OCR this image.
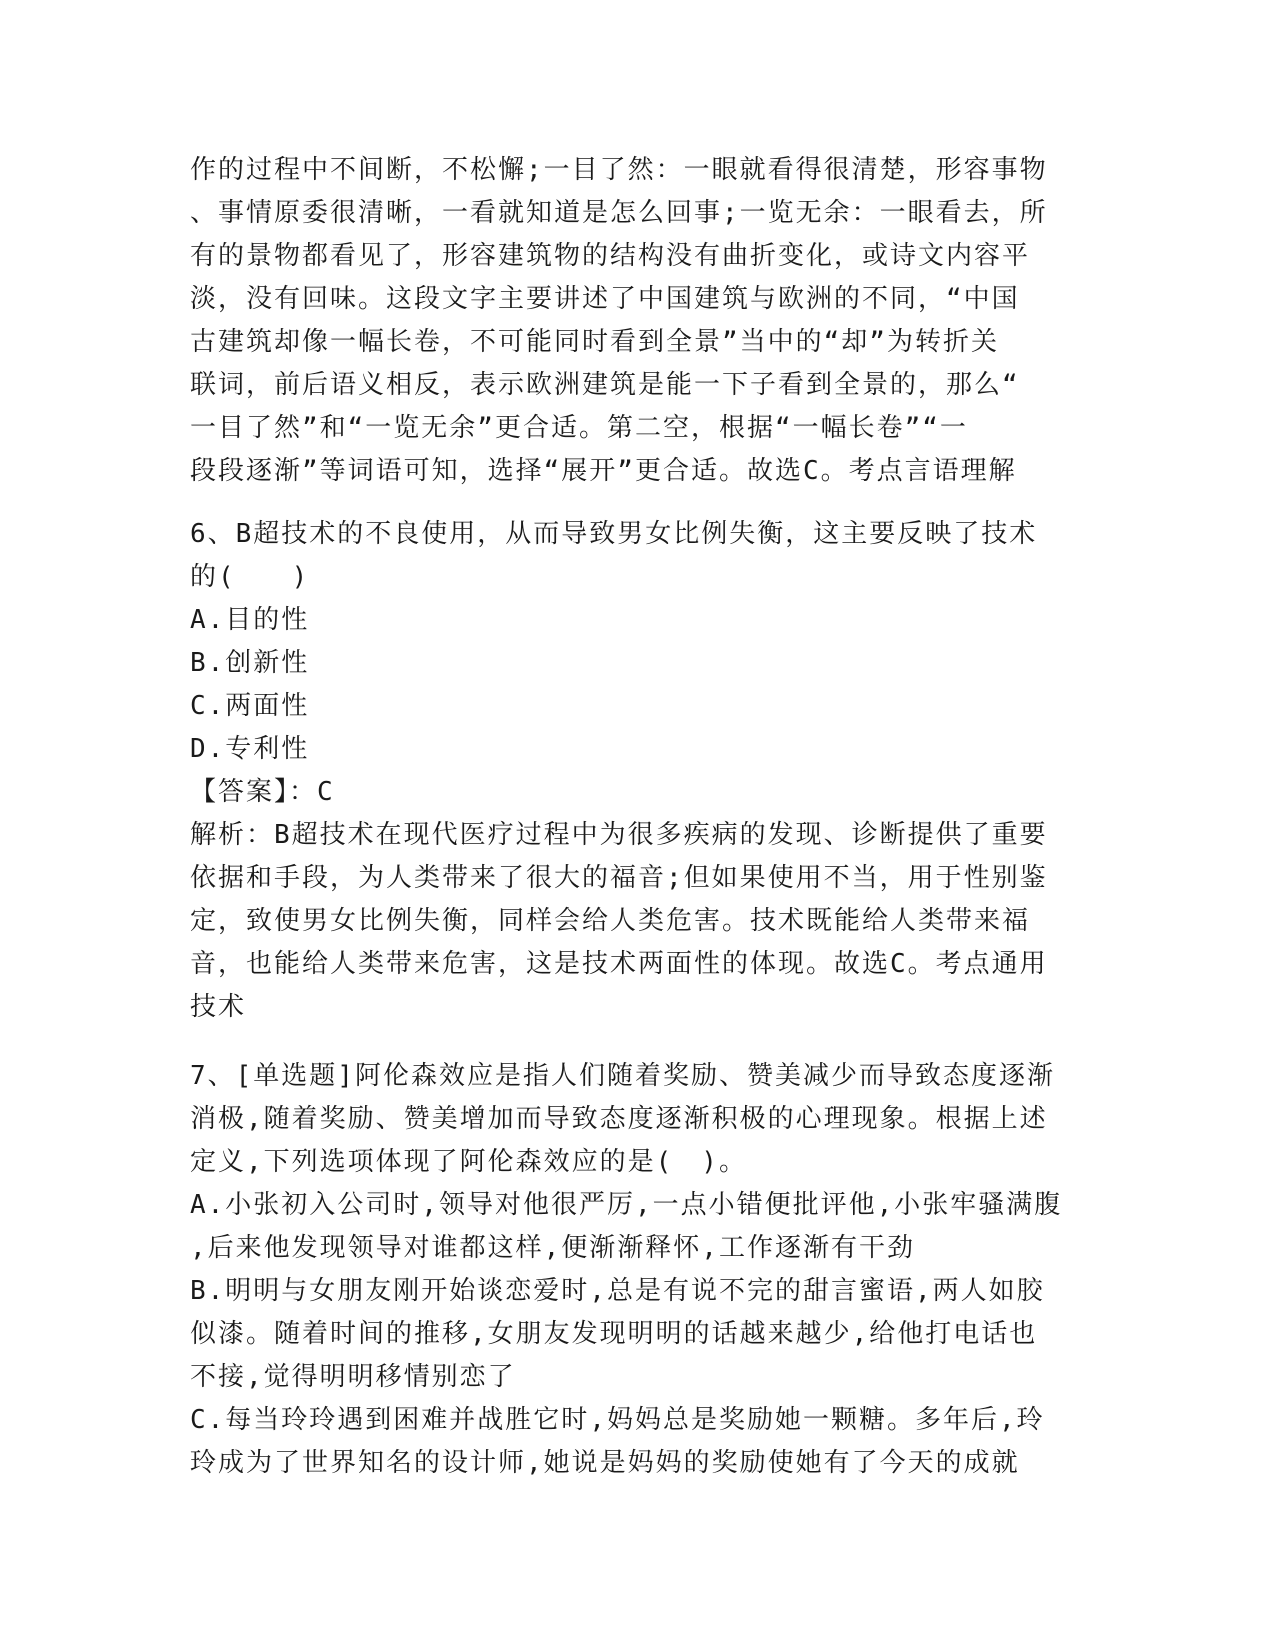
作的过程中不间断，不松懈;一目了然：一眼就看得很清楚，形容事物
、事情原委很清晰，一看就知道是怎么回事;一览无余：一眼看去，所
有的景物都看见了，形容建筑物的结构没有曲折变化，或诗文内容平
淡，没有回味。这段文字主要讲述了中国建筑与欧洲的不同，“中国
古建筑却像一幅长卷，不可能同时看到全景”当中的“却”为转折关
联词，前后语义相反，表示欧洲建筑是能一下子看到全景的，那么“
一目了然”和“一览无余”更合适。第二空，根据“一幅长卷”“一
段段逐渐”等词语可知，选择“展开”更合适。故选C。考点言语理解
6、B超技术的不良使用，从而导致男女比例失衡，这主要反映了技术
的(　　)
A.目的性
B.创新性
C.两面性
D.专利性
【答案】：C
解析：B超技术在现代医疗过程中为很多疾病的发现、诊断提供了重要
依据和手段，为人类带来了很大的福音;但如果使用不当，用于性别鉴
定，致使男女比例失衡，同样会给人类危害。技术既能给人类带来福
音，也能给人类带来危害，这是技术两面性的体现。故选C。考点通用
技术
7、[单选题]阿伦森效应是指人们随着奖励、赞美减少而导致态度逐渐
消极,随着奖励、赞美增加而导致态度逐渐积极的心理现象。根据上述
定义,下列选项体现了阿伦森效应的是(　)。
A.小张初入公司时,领导对他很严厉,一点小错便批评他,小张牢骚满腹
,后来他发现领导对谁都这样,便渐渐释怀,工作逐渐有干劲
B.明明与女朋友刚开始谈恋爱时,总是有说不完的甜言蜜语,两人如胶
似漆。随着时间的推移,女朋友发现明明的话越来越少,给他打电话也
不接,觉得明明移情别恋了
C.每当玲玲遇到困难并战胜它时,妈妈总是奖励她一颗糖。多年后,玲
玲成为了世界知名的设计师,她说是妈妈的奖励使她有了今天的成就
